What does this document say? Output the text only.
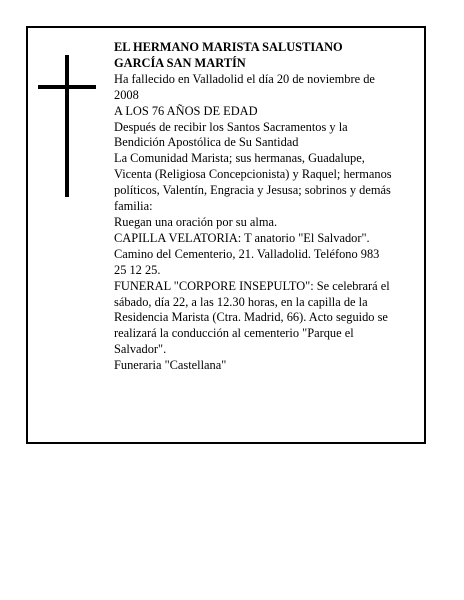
EL HERMANO MARISTA SALUSTIANO
GARCÍA SAN MARTÍN
Ha fallecido en Valladolid el día 20 de noviembre de
2008
A LOS 76 AÑOS DE EDAD
Después de recibir los Santos Sacramentos y la
Bendición Apostólica de Su Santidad
La Comunidad Marista; sus hermanas, Guadalupe,
Vicenta (Religiosa Concepcionista) y Raquel; hermanos
políticos, Valentín, Engracia y Jesusa; sobrinos y demás
familia:
Ruegan una oración por su alma.
CAPILLA VELATORIA: T anatorio "El Salvador".
Camino del Cementerio, 21. Valladolid. Teléfono 983
25 12 25.
FUNERAL "CORPORE INSEPULTO": Se celebrará el
sábado, día 22, a las 12.30 horas, en la capilla de la
Residencia Marista (Ctra. Madrid, 66). Acto seguido se
realizará la conducción al cementerio "Parque el
Salvador".
Funeraria "Castellana"
